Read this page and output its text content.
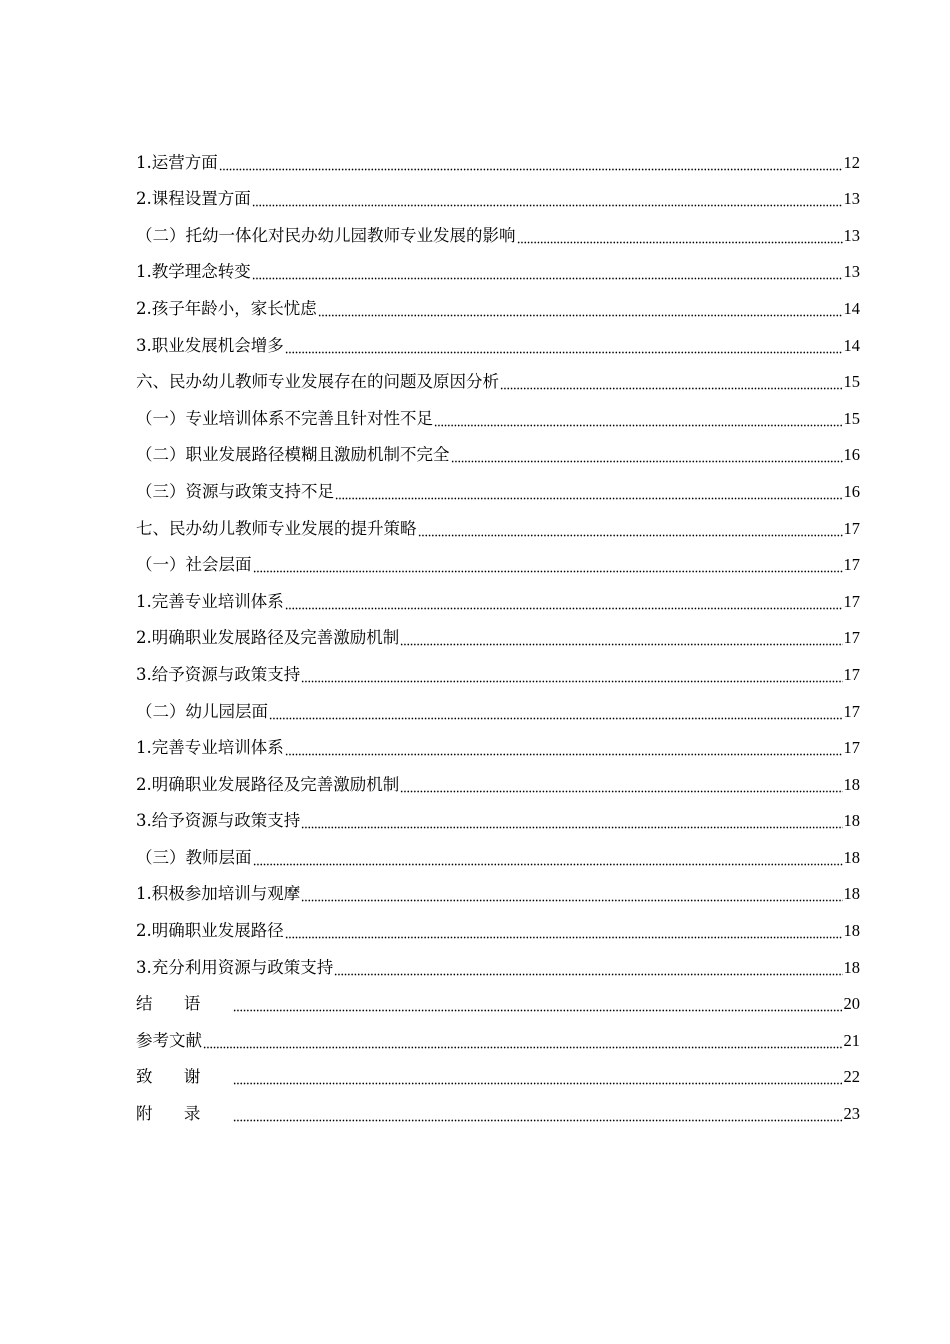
1.运营方面	12
2.课程设置方面	13
（二）托幼一体化对民办幼儿园教师专业发展的影响	13
1.教学理念转变	13
2.孩子年龄小，家长忧虑	14
3.职业发展机会增多	14
六、民办幼儿教师专业发展存在的问题及原因分析	15
（一）专业培训体系不完善且针对性不足	15
（二）职业发展路径模糊且激励机制不完全	16
（三）资源与政策支持不足	16
七、民办幼儿教师专业发展的提升策略	17
（一）社会层面	17
1.完善专业培训体系	17
2.明确职业发展路径及完善激励机制	17
3.给予资源与政策支持	17
（二）幼儿园层面	17
1.完善专业培训体系	17
2.明确职业发展路径及完善激励机制	18
3.给予资源与政策支持	18
（三）教师层面	18
1.积极参加培训与观摩	18
2.明确职业发展路径	18
3.充分利用资源与政策支持	18
结语	20
参考文献	21
致谢	22
附录	23
